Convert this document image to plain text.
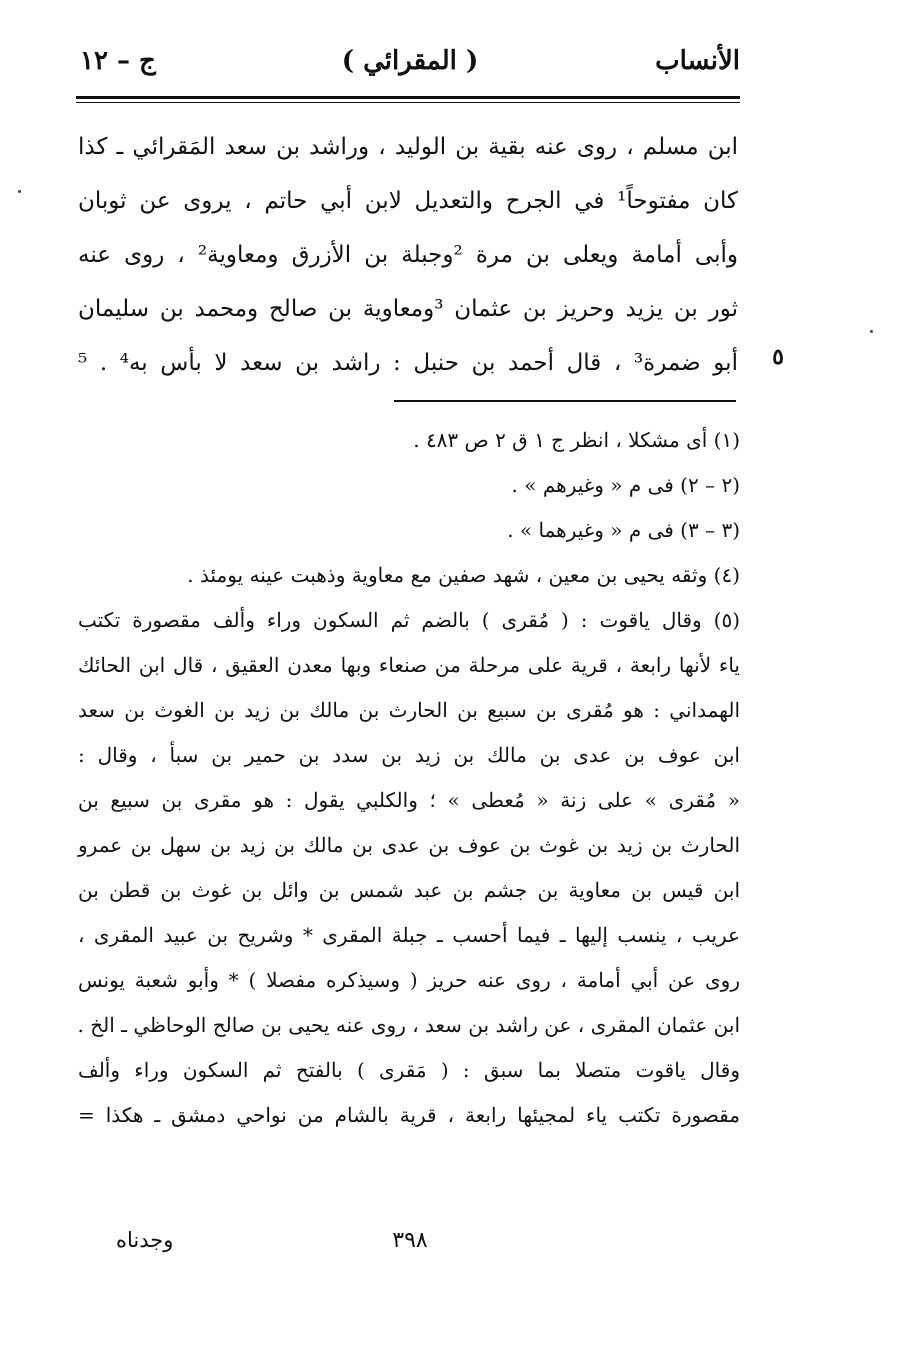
الأنساب
( المقرائي )
ج – ١٢
ابن مسلم ، روى عنه بقية بن الوليد ، وراشد بن سعد المَقرائي ـ كذا
كان مفتوحاً¹ في الجرح والتعديل لابن أبي حاتم ، يروى عن ثوبان
وأبى أمامة ويعلى بن مرة ²وجبلة بن الأزرق ومعاوية² ، روى عنه
ثور بن يزيد وحريز بن عثمان ³ومعاوية بن صالح ومحمد بن سليمان
أبو ضمرة³ ، قال أحمد بن حنبل : راشد بن سعد لا بأس به⁴ . ⁵ ٥
(١) أى مشكلا ، انظر ج ١ ق ٢ ص ٤٨٣ .
(٢ – ٢) فى م « وغيرهم » .
(٣ – ٣) فى م « وغيرهما » .
(٤) وثقه يحيى بن معين ، شهد صفين مع معاوية وذهبت عينه يومئذ .
(٥) وقال ياقوت : ( مُقرى ) بالضم ثم السكون وراء وألف مقصورة تكتب
ياء لأنها رابعة ، قرية على مرحلة من صنعاء وبها معدن العقيق ، قال ابن الحائك
الهمداني : هو مُقرى بن سبيع بن الحارث بن مالك بن زيد بن الغوث بن سعد
ابن عوف بن عدى بن مالك بن زيد بن سدد بن حمير بن سبأ ، وقال :
« مُقرى » على زنة « مُعطى » ؛ والكلبي يقول : هو مقرى بن سبيع بن
الحارث بن زيد بن غوث بن عوف بن عدى بن مالك بن زيد بن سهل بن عمرو
ابن قيس بن معاوية بن جشم بن عبد شمس بن وائل بن غوث بن قطن بن
عريب ، ينسب إليها ـ فيما أحسب ـ جبلة المقرى * وشريح بن عبيد المقرى ،
روى عن أبي أمامة ، روى عنه حريز ( وسيذكره مفصلا ) * وأبو شعبة يونس
ابن عثمان المقرى ، عن راشد بن سعد ، روى عنه يحيى بن صالح الوحاظي ـ الخ .
وقال ياقوت متصلا بما سبق : ( مَقرى ) بالفتح ثم السكون وراء وألف
مقصورة تكتب ياء لمجيئها رابعة ، قرية بالشام من نواحي دمشق ـ هكذا =
٣٩٨
وجدناه
